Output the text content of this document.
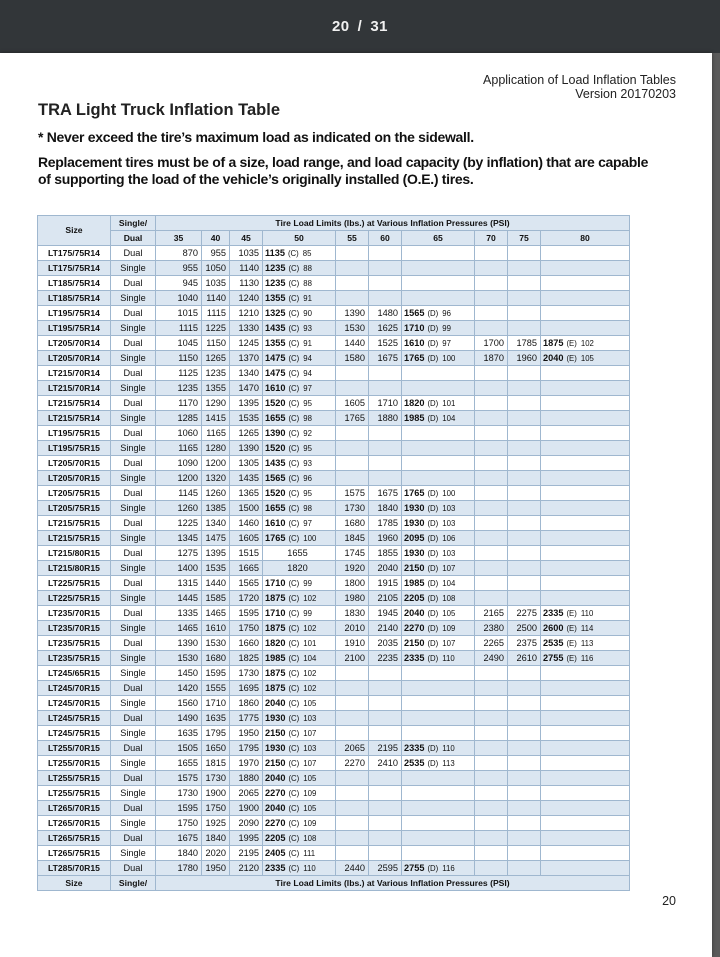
20 / 31
Application of Load Inflation Tables
Version 20170203
TRA Light Truck Inflation Table
* Never exceed the tire’s maximum load as indicated on the sidewall.
Replacement tires must be of a size, load range, and load capacity (by inflation) that are capable of supporting the load of the vehicle’s originally installed (O.E.) tires.
Size	Single/	Tire Load Limits (lbs.) at Various Inflation Pressures (PSI)									
	Dual	35	40	45	50	55	60	65	70	75	80
LT175/75R14	Dual	870	955	1035	1135 (C) 85						
LT175/75R14	Single	955	1050	1140	1235 (C) 88						
LT185/75R14	Dual	945	1035	1130	1235 (C) 88						
LT185/75R14	Single	1040	1140	1240	1355 (C) 91						
LT195/75R14	Dual	1015	1115	1210	1325 (C) 90	1390	1480	1565 (D) 96			
LT195/75R14	Single	1115	1225	1330	1435 (C) 93	1530	1625	1710 (D) 99			
LT205/70R14	Dual	1045	1150	1245	1355 (C) 91	1440	1525	1610 (D) 97	1700	1785	1875 (E) 102
LT205/70R14	Single	1150	1265	1370	1475 (C) 94	1580	1675	1765 (D) 100	1870	1960	2040 (E) 105
LT215/70R14	Dual	1125	1235	1340	1475 (C) 94						
LT215/70R14	Single	1235	1355	1470	1610 (C) 97						
LT215/75R14	Dual	1170	1290	1395	1520 (C) 95	1605	1710	1820 (D) 101			
LT215/75R14	Single	1285	1415	1535	1655 (C) 98	1765	1880	1985 (D) 104			
LT195/75R15	Dual	1060	1165	1265	1390 (C) 92						
LT195/75R15	Single	1165	1280	1390	1520 (C) 95						
LT205/70R15	Dual	1090	1200	1305	1435 (C) 93						
LT205/70R15	Single	1200	1320	1435	1565 (C) 96						
LT205/75R15	Dual	1145	1260	1365	1520 (C) 95	1575	1675	1765 (D) 100			
LT205/75R15	Single	1260	1385	1500	1655 (C) 98	1730	1840	1930 (D) 103			
LT215/75R15	Dual	1225	1340	1460	1610 (C) 97	1680	1785	1930 (D) 103			
LT215/75R15	Single	1345	1475	1605	1765 (C) 100	1845	1960	2095 (D) 106			
LT215/80R15	Dual	1275	1395	1515	1655	1745	1855	1930 (D) 103			
LT215/80R15	Single	1400	1535	1665	1820	1920	2040	2150 (D) 107			
LT225/75R15	Dual	1315	1440	1565	1710 (C) 99	1800	1915	1985 (D) 104			
LT225/75R15	Single	1445	1585	1720	1875 (C) 102	1980	2105	2205 (D) 108			
LT235/70R15	Dual	1335	1465	1595	1710 (C) 99	1830	1945	2040 (D) 105	2165	2275	2335 (E) 110
LT235/70R15	Single	1465	1610	1750	1875 (C) 102	2010	2140	2270 (D) 109	2380	2500	2600 (E) 114
LT235/75R15	Dual	1390	1530	1660	1820 (C) 101	1910	2035	2150 (D) 107	2265	2375	2535 (E) 113
LT235/75R15	Single	1530	1680	1825	1985 (C) 104	2100	2235	2335 (D) 110	2490	2610	2755 (E) 116
LT245/65R15	Single	1450	1595	1730	1875 (C) 102						
LT245/70R15	Dual	1420	1555	1695	1875 (C) 102						
LT245/70R15	Single	1560	1710	1860	2040 (C) 105						
LT245/75R15	Dual	1490	1635	1775	1930 (C) 103						
LT245/75R15	Single	1635	1795	1950	2150 (C) 107						
LT255/70R15	Dual	1505	1650	1795	1930 (C) 103	2065	2195	2335 (D) 110			
LT255/70R15	Single	1655	1815	1970	2150 (C) 107	2270	2410	2535 (D) 113			
LT255/75R15	Dual	1575	1730	1880	2040 (C) 105						
LT255/75R15	Single	1730	1900	2065	2270 (C) 109						
LT265/70R15	Dual	1595	1750	1900	2040 (C) 105						
LT265/70R15	Single	1750	1925	2090	2270 (C) 109						
LT265/75R15	Dual	1675	1840	1995	2205 (C) 108						
LT265/75R15	Single	1840	2020	2195	2405 (C) 111						
LT285/70R15	Dual	1780	1950	2120	2335 (C) 110	2440	2595	2755 (D) 116			
Size	Single/	Tire Load Limits (lbs.) at Various Inflation Pressures (PSI)									
20
